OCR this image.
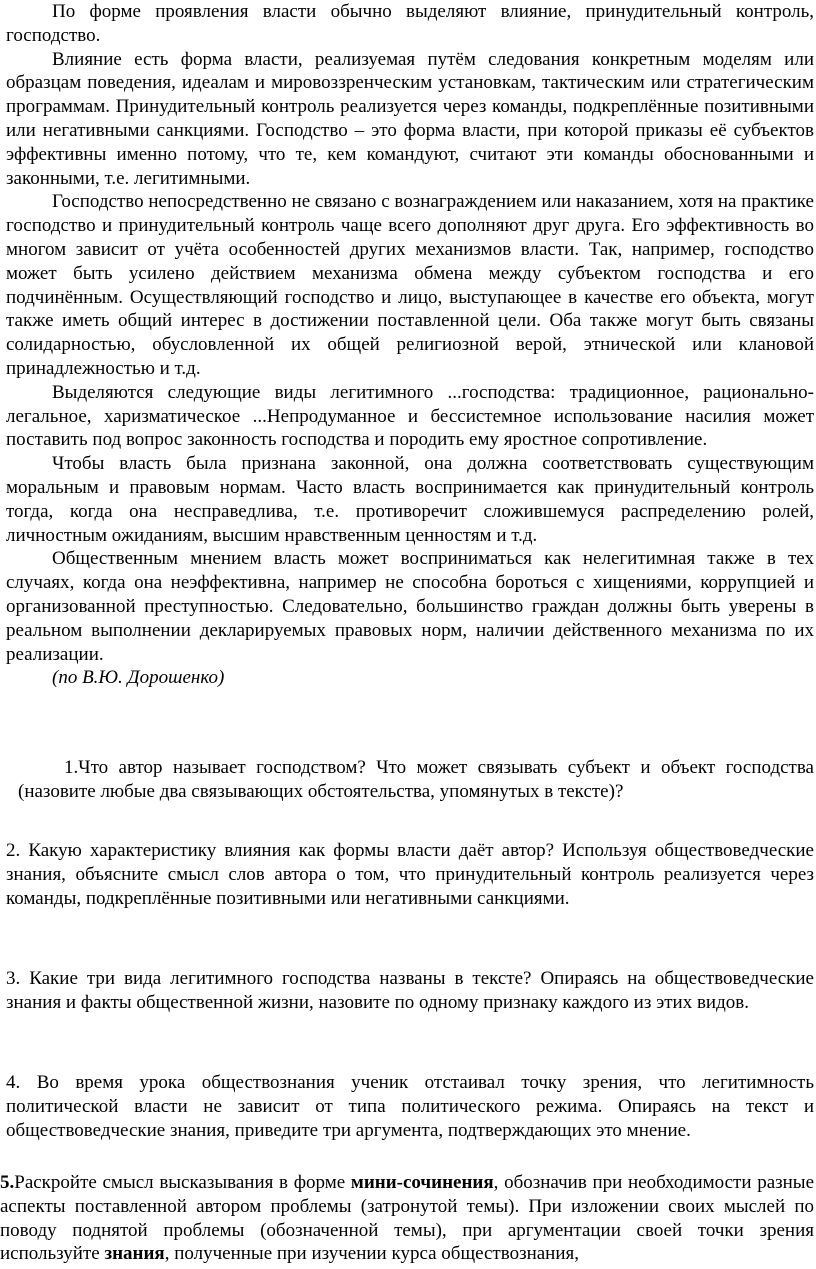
По форме проявления власти обычно выделяют влияние, принудительный контроль, господство.

Влияние есть форма власти, реализуемая путём следования конкретным моделям или образцам поведения, идеалам и мировоззренческим установкам, тактическим или стратегическим программам. Принудительный контроль реализуется через команды, подкреплённые позитивными или негативными санкциями. Господство – это форма власти, при которой приказы её субъектов эффективны именно потому, что те, кем командуют, считают эти команды обоснованными и законными, т.е. легитимными.

Господство непосредственно не связано с вознаграждением или наказанием, хотя на практике господство и принудительный контроль чаще всего дополняют друг друга. Его эффективность во многом зависит от учёта особенностей других механизмов власти. Так, например, господство может быть усилено действием механизма обмена между субъектом господства и его подчинённым. Осуществляющий господство и лицо, выступающее в качестве его объекта, могут также иметь общий интерес в достижении поставленной цели. Оба также могут быть связаны солидарностью, обусловленной их общей религиозной верой, этнической или клановой принадлежностью и т.д.

Выделяются следующие виды легитимного ...господства: традиционное, рационально-легальное, харизматическое ...Непродуманное и бессистемное использование насилия может поставить под вопрос законность господства и породить ему яростное сопротивление.

Чтобы власть была признана законной, она должна соответствовать существующим моральным и правовым нормам. Часто власть воспринимается как принудительный контроль тогда, когда она несправедлива, т.е. противоречит сложившемуся распределению ролей, личностным ожиданиям, высшим нравственным ценностям и т.д.

Общественным мнением власть может восприниматься как нелегитимная также в тех случаях, когда она неэффективна, например не способна бороться с хищениями, коррупцией и организованной преступностью. Следовательно, большинство граждан должны быть уверены в реальном выполнении декларируемых правовых норм, наличии действенного механизма по их реализации.

(по В.Ю. Дорошенко)

1.Что автор называет господством? Что может связывать субъект и объект господства (назовите любые два связывающих обстоятельства, упомянутых в тексте)?

2. Какую характеристику влияния как формы власти даёт автор? Используя обществоведческие знания, объясните смысл слов автора о том, что принудительный контроль реализуется через команды, подкреплённые позитивными или негативными санкциями.

3. Какие три вида легитимного господства названы в тексте? Опираясь на обществоведческие знания и факты общественной жизни, назовите по одному признаку каждого из этих видов.

4. Во время урока обществознания ученик отстаивал точку зрения, что легитимность политической власти не зависит от типа политического режима. Опираясь на текст и обществоведческие знания, приведите три аргумента, подтверждающих это мнение.

5.Раскройте смысл высказывания в форме мини-сочинения, обозначив при необходимости разные аспекты поставленной автором проблемы (затронутой темы). При изложении своих мыслей по поводу поднятой проблемы (обозначенной темы), при аргументации своей точки зрения используйте знания, полученные при изучении курса обществознания,
